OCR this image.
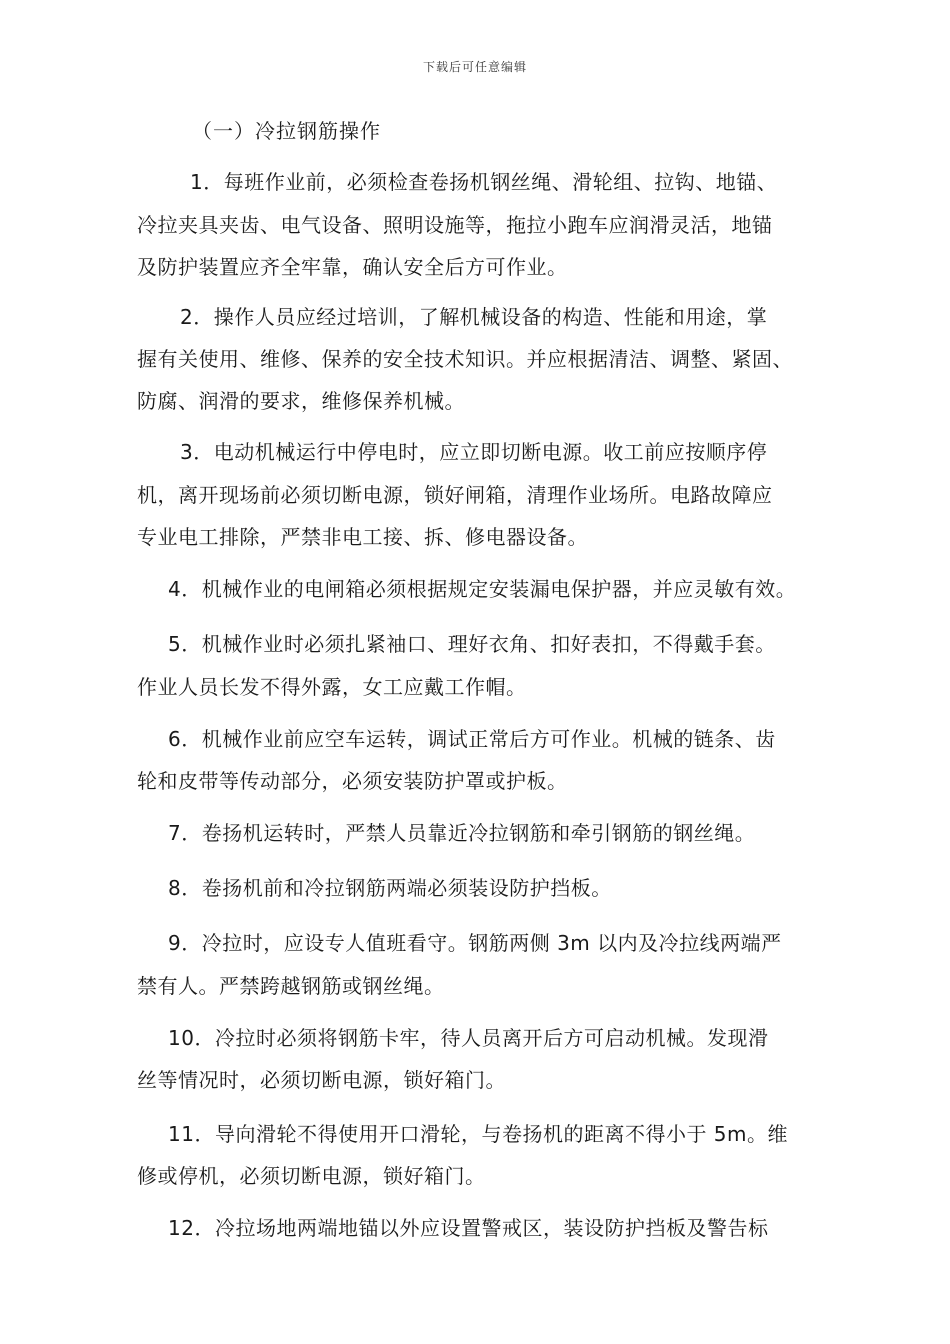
下载后可任意编辑
（一）冷拉钢筋操作
1．每班作业前，必须检查卷扬机钢丝绳、滑轮组、拉钩、地锚、
冷拉夹具夹齿、电气设备、照明设施等，拖拉小跑车应润滑灵活，地锚
及防护装置应齐全牢靠，确认安全后方可作业。
2．操作人员应经过培训，了解机械设备的构造、性能和用途，掌
握有关使用、维修、保养的安全技术知识。并应根据清洁、调整、紧固、
防腐、润滑的要求，维修保养机械。
3．电动机械运行中停电时，应立即切断电源。收工前应按顺序停
机，离开现场前必须切断电源，锁好闸箱，清理作业场所。电路故障应
专业电工排除，严禁非电工接、拆、修电器设备。
4．机械作业的电闸箱必须根据规定安装漏电保护器，并应灵敏有效。
5．机械作业时必须扎紧袖口、理好衣角、扣好表扣，不得戴手套。
作业人员长发不得外露，女工应戴工作帽。
6．机械作业前应空车运转，调试正常后方可作业。机械的链条、齿
轮和皮带等传动部分，必须安装防护罩或护板。
7．卷扬机运转时，严禁人员靠近冷拉钢筋和牵引钢筋的钢丝绳。
8．卷扬机前和冷拉钢筋两端必须装设防护挡板。
9．冷拉时，应设专人值班看守。钢筋两侧 3m 以内及冷拉线两端严
禁有人。严禁跨越钢筋或钢丝绳。
10．冷拉时必须将钢筋卡牢，待人员离开后方可启动机械。发现滑
丝等情况时，必须切断电源，锁好箱门。
11．导向滑轮不得使用开口滑轮，与卷扬机的距离不得小于 5m。维
修或停机，必须切断电源，锁好箱门。
12．冷拉场地两端地锚以外应设置警戒区，装设防护挡板及警告标
